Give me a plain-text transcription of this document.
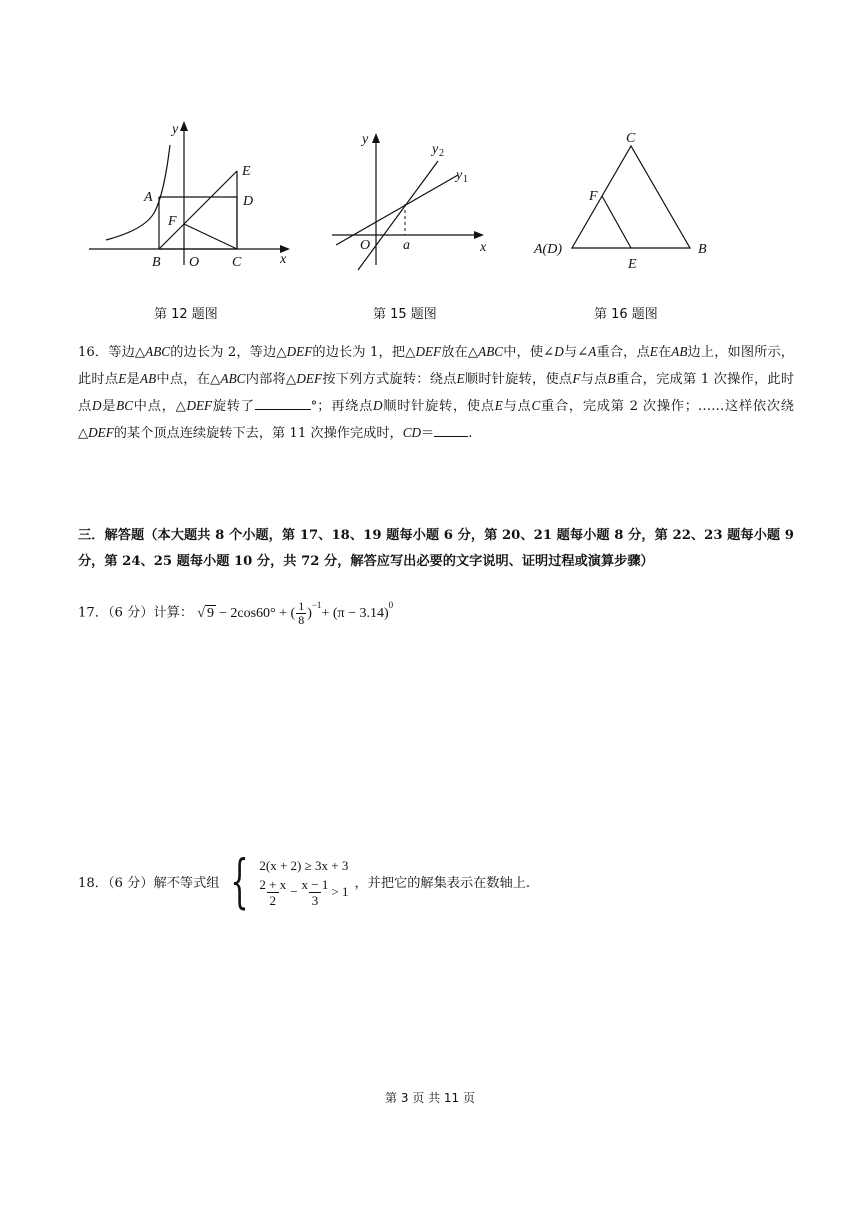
y
x
A
B O C
D
E
F
第 12 题图
y
x
O a
y 1
y 2
第 15 题图
C
F
A(D)
E
B
第 16 题图
16．等边△ABC的边长为 2，等边△DEF的边长为 1，把△DEF放在△ABC中，使∠D与∠A重合，点E在AB边上，如图所示，此时点E是AB中点，在△ABC内部将△DEF按下列方式旋转：绕点E顺时针旋转，使点F与点B重合，完成第 1 次操作，此时点D是BC中点，△DEF旋转了	°；再绕点D顺时针旋转，使点E与点C重合，完成第 2 次操作；……这样依次绕△DEF的某个顶点连续旋转下去，第 11 次操作完成时，CD＝	.
三．解答题（本大题共 8 个小题，第 17、18、19 题每小题 6 分，第 20、21 题每小题 8 分，第 22、23 题每小题 9 分，第 24、25 题每小题 10 分，共 72 分，解答应写出必要的文字说明、证明过程或演算步骤）
17．（6 分）计算： √ 9 − 2cos60° + ( 1
8 )
$^{-1}$
+ (π − 3.14)
$^0$
18．（6 分）解不等式组 { 2(x + 2) ≥ 3x + 3
2 + x
2
− $\frac{x - 1}{3} > 1$
，并把它的解集表示在数轴上.
第 3 页 共 11 页
